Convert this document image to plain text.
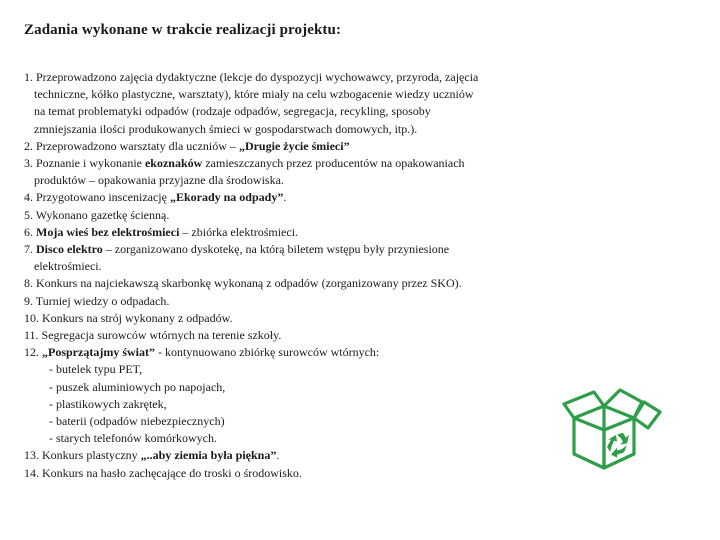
Zadania wykonane w trakcie realizacji projektu:
1. Przeprowadzono zajęcia dydaktyczne (lekcje do dyspozycji wychowawcy, przyroda, zajęcia
techniczne, kółko plastyczne, warsztaty), które miały na celu wzbogacenie wiedzy uczniów
na temat problematyki odpadów (rodzaje odpadów, segregacja, recykling, sposoby
zmniejszania ilości produkowanych śmieci w gospodarstwach domowych, itp.).
2. Przeprowadzono warsztaty dla uczniów – „Drugie życie śmieci”
3. Poznanie i wykonanie ekoznaków zamieszczanych przez producentów na opakowaniach
produktów – opakowania przyjazne dla środowiska.
4. Przygotowano inscenizację „Ekorady na odpady”.
5. Wykonano gazetkę ścienną.
6. Moja wieś bez elektrośmieci – zbiórka elektrośmieci.
7. Disco elektro – zorganizowano dyskotekę, na którą biletem wstępu były przyniesione
elektrośmieci.
8. Konkurs na najciekawszą skarbonkę wykonaną z odpadów (zorganizowany przez SKO).
9. Turniej wiedzy o odpadach.
10. Konkurs na strój wykonany z odpadów.
11. Segregacja surowców wtórnych na terenie szkoły.
12. „Posprzątajmy świat” - kontynuowano zbiórkę surowców wtórnych:
- butelek typu PET,
- puszek aluminiowych po napojach,
- plastikowych zakrętek,
- baterii (odpadów niebezpiecznych)
- starych telefonów komórkowych.
13. Konkurs plastyczny „..aby ziemia była piękna”.
14. Konkurs na hasło zachęcające do troski o środowisko.
